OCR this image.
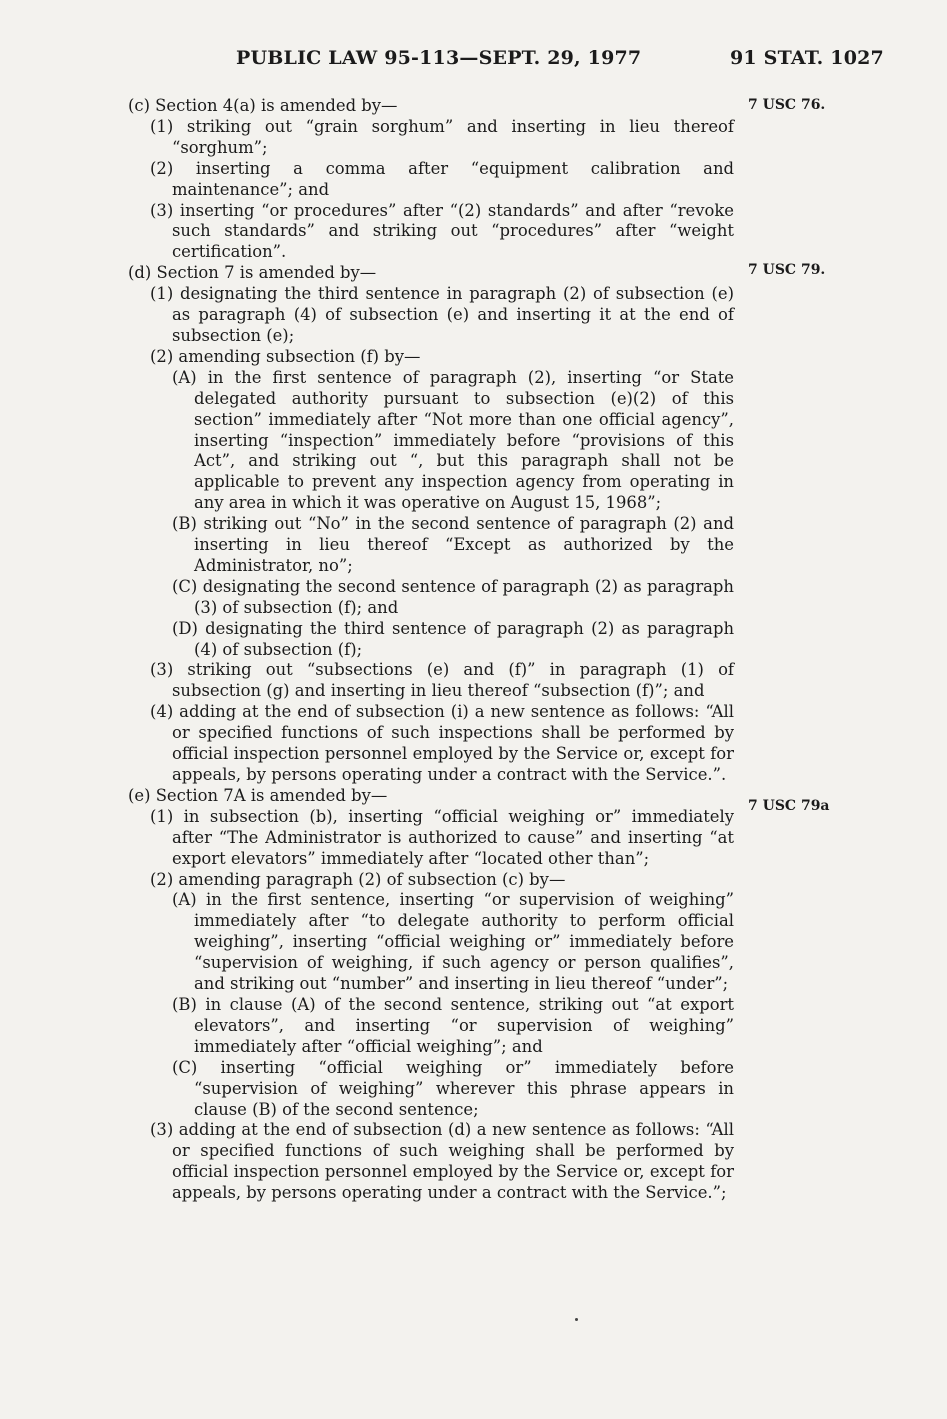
PUBLIC LAW 95-113—SEPT. 29, 1977	91 STAT. 1027
7 USC 76.
7 USC 79.
7 USC 79a

(c) Section 4(a) is amended by—

(1) striking out “grain sorghum” and inserting in lieu thereof “sorghum”;

(2) inserting a comma after “equipment calibration and maintenance”; and

(3) inserting “or procedures” after “(2) standards” and after “revoke such standards” and striking out “procedures” after “weight certification”.

(d) Section 7 is amended by—

(1) designating the third sentence in paragraph (2) of subsection (e) as paragraph (4) of subsection (e) and inserting it at the end of subsection (e);

(2) amending subsection (f) by—

(A) in the first sentence of paragraph (2), inserting “or State delegated authority pursuant to subsection (e)(2) of this section” immediately after “Not more than one official agency”, inserting “inspection” immediately before “provisions of this Act”, and striking out “, but this paragraph shall not be applicable to prevent any inspection agency from operating in any area in which it was operative on August 15, 1968”;

(B) striking out “No” in the second sentence of paragraph (2) and inserting in lieu thereof “Except as authorized by the Administrator, no”;

(C) designating the second sentence of paragraph (2) as paragraph (3) of subsection (f); and

(D) designating the third sentence of paragraph (2) as paragraph (4) of subsection (f);

(3) striking out “subsections (e) and (f)” in paragraph (1) of subsection (g) and inserting in lieu thereof “subsection (f)”; and

(4) adding at the end of subsection (i) a new sentence as follows: “All or specified functions of such inspections shall be performed by official inspection personnel employed by the Service or, except for appeals, by persons operating under a contract with the Service.”.

(e) Section 7A is amended by—

(1) in subsection (b), inserting “official weighing or” immediately after “The Administrator is authorized to cause” and inserting “at export elevators” immediately after “located other than”;

(2) amending paragraph (2) of subsection (c) by—

(A) in the first sentence, inserting “or supervision of weighing” immediately after “to delegate authority to perform official weighing”, inserting “official weighing or” immediately before “supervision of weighing, if such agency or person qualifies”, and striking out “number” and inserting in lieu thereof “under”;

(B) in clause (A) of the second sentence, striking out “at export elevators”, and inserting “or supervision of weighing” immediately after “official weighing”; and

(C) inserting “official weighing or” immediately before “supervision of weighing” wherever this phrase appears in clause (B) of the second sentence;

(3) adding at the end of subsection (d) a new sentence as follows: “All or specified functions of such weighing shall be performed by official inspection personnel employed by the Service or, except for appeals, by persons operating under a contract with the Service.”;
